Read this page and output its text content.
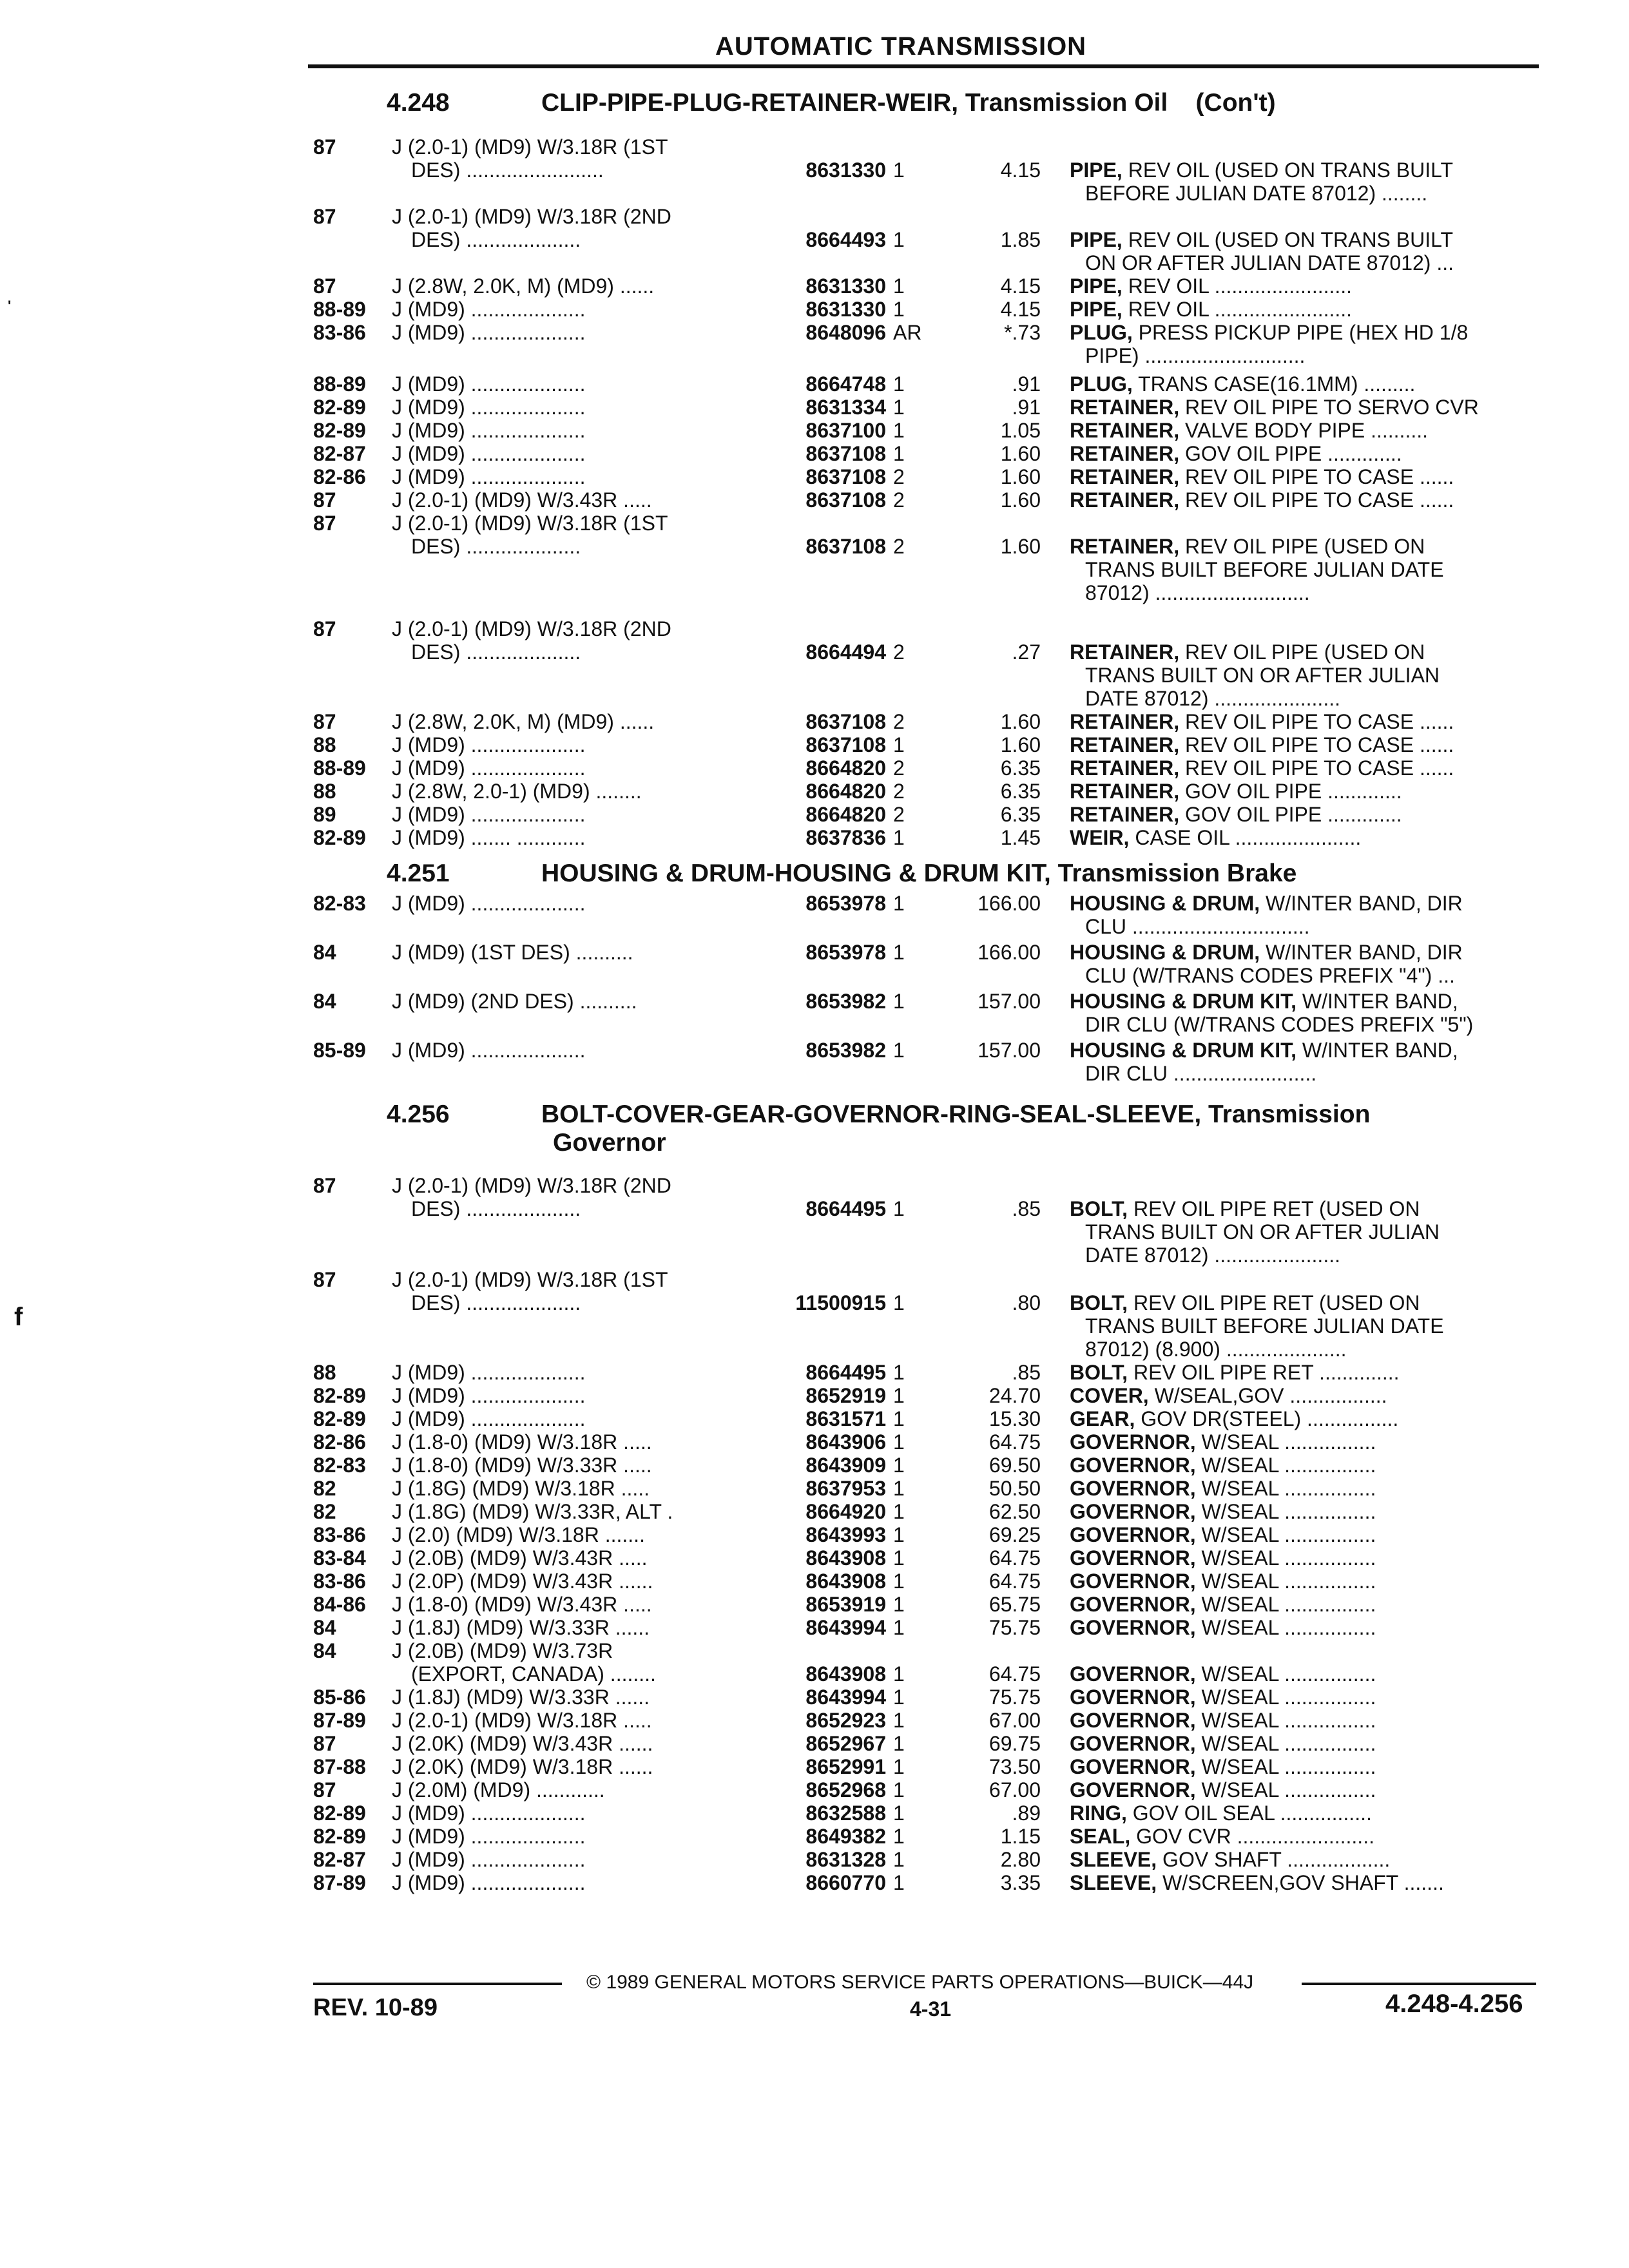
AUTOMATIC TRANSMISSION
4.248	CLIP-PIPE-PLUG-RETAINER-WEIR, Transmission Oil (Con't)
4.251	HOUSING & DRUM-HOUSING & DRUM KIT, Transmission Brake
4.256	BOLT-COVER-GEAR-GOVERNOR-RING-SEAL-SLEEVE, Transmission
Governor
87	J (2.0-1) (MD9) W/3.18R (1ST
DES) ........................	8631330 1	4.15 PIPE, REV OIL (USED ON TRANS BUILT
BEFORE JULIAN DATE 87012) ........
87	J (2.0-1) (MD9) W/3.18R (2ND
DES) ....................	8664493 1	1.85 PIPE, REV OIL (USED ON TRANS BUILT
ON OR AFTER JULIAN DATE 87012) ...
87	J (2.8W, 2.0K, M) (MD9) ......	8631330 1	4.15 PIPE, REV OIL ........................
88-89 J (MD9) ....................	8631330 1	4.15 PIPE, REV OIL ........................
83-86 J (MD9) ....................	8648096 AR	*.73 PLUG, PRESS PICKUP PIPE (HEX HD 1/8
PIPE) ............................
88-89 J (MD9) ....................	8664748 1	.91 PLUG, TRANS CASE(16.1MM) .........
82-89 J (MD9) ....................	8631334 1	.91 RETAINER, REV OIL PIPE TO SERVO CVR
82-89 J (MD9) ....................	8637100 1	1.05 RETAINER, VALVE BODY PIPE ..........
82-87 J (MD9) ....................	8637108 1	1.60 RETAINER, GOV OIL PIPE .............
82-86 J (MD9) ....................	8637108 2	1.60 RETAINER, REV OIL PIPE TO CASE ......
87	J (2.0-1) (MD9) W/3.43R .....	8637108 2	1.60 RETAINER, REV OIL PIPE TO CASE ......
87	J (2.0-1) (MD9) W/3.18R (1ST
DES) ....................	8637108 2	1.60 RETAINER, REV OIL PIPE (USED ON
TRANS BUILT BEFORE JULIAN DATE
87012) ...........................
87	J (2.0-1) (MD9) W/3.18R (2ND
DES) ....................	8664494 2	.27 RETAINER, REV OIL PIPE (USED ON
TRANS BUILT ON OR AFTER JULIAN
DATE 87012) ......................
87	J (2.8W, 2.0K, M) (MD9) ......	8637108 2	1.60 RETAINER, REV OIL PIPE TO CASE ......
88	J (MD9) ....................	8637108 1	1.60 RETAINER, REV OIL PIPE TO CASE ......
88-89 J (MD9) ....................	8664820 2	6.35 RETAINER, REV OIL PIPE TO CASE ......
88	J (2.8W, 2.0-1) (MD9) ........	8664820 2	6.35 RETAINER, GOV OIL PIPE .............
89	J (MD9) ....................	8664820 2	6.35 RETAINER, GOV OIL PIPE .............
82-89 J (MD9) ....... ............	8637836 1	1.45 WEIR, CASE OIL ......................
82-83 J (MD9) ....................	8653978 1	166.00 HOUSING & DRUM, W/INTER BAND, DIR
CLU ...............................
84	J (MD9) (1ST DES) ..........	8653978 1	166.00 HOUSING & DRUM, W/INTER BAND, DIR
CLU (W/TRANS CODES PREFIX "4") ...
84	J (MD9) (2ND DES) ..........	8653982 1	157.00 HOUSING & DRUM KIT, W/INTER BAND,
DIR CLU (W/TRANS CODES PREFIX "5")
85-89 J (MD9) ....................	8653982 1	157.00 HOUSING & DRUM KIT, W/INTER BAND,
DIR CLU .........................
87	J (2.0-1) (MD9) W/3.18R (2ND
DES) ....................	8664495 1	.85 BOLT, REV OIL PIPE RET (USED ON
TRANS BUILT ON OR AFTER JULIAN
DATE 87012) ......................
87	J (2.0-1) (MD9) W/3.18R (1ST
DES) ....................	11500915 1	.80 BOLT, REV OIL PIPE RET (USED ON
TRANS BUILT BEFORE JULIAN DATE
87012) (8.900) .....................
88	J (MD9) ....................	8664495 1	.85 BOLT, REV OIL PIPE RET ..............
82-89 J (MD9) ....................	8652919 1	24.70 COVER, W/SEAL,GOV .................
82-89 J (MD9) ....................	8631571 1	15.30 GEAR, GOV DR(STEEL) ................
82-86 J (1.8-0) (MD9) W/3.18R .....	8643906 1	64.75 GOVERNOR, W/SEAL ................
82-83 J (1.8-0) (MD9) W/3.33R .....	8643909 1	69.50 GOVERNOR, W/SEAL ................
82	J (1.8G) (MD9) W/3.18R .....	8637953 1	50.50 GOVERNOR, W/SEAL ................
82	J (1.8G) (MD9) W/3.33R, ALT .	8664920 1	62.50 GOVERNOR, W/SEAL ................
83-86 J (2.0) (MD9) W/3.18R .......	8643993 1	69.25 GOVERNOR, W/SEAL ................
83-84 J (2.0B) (MD9) W/3.43R .....	8643908 1	64.75 GOVERNOR, W/SEAL ................
83-86 J (2.0P) (MD9) W/3.43R ......	8643908 1	64.75 GOVERNOR, W/SEAL ................
84-86 J (1.8-0) (MD9) W/3.43R .....	8653919 1	65.75 GOVERNOR, W/SEAL ................
84	J (1.8J) (MD9) W/3.33R ......	8643994 1	75.75 GOVERNOR, W/SEAL ................
84	J (2.0B) (MD9) W/3.73R
(EXPORT, CANADA) ........	8643908 1	64.75 GOVERNOR, W/SEAL ................
85-86 J (1.8J) (MD9) W/3.33R ......	8643994 1	75.75 GOVERNOR, W/SEAL ................
87-89 J (2.0-1) (MD9) W/3.18R .....	8652923 1	67.00 GOVERNOR, W/SEAL ................
87	J (2.0K) (MD9) W/3.43R ......	8652967 1	69.75 GOVERNOR, W/SEAL ................
87-88 J (2.0K) (MD9) W/3.18R ......	8652991 1	73.50 GOVERNOR, W/SEAL ................
87	J (2.0M) (MD9) ............	8652968 1	67.00 GOVERNOR, W/SEAL ................
82-89 J (MD9) ....................	8632588 1	.89 RING, GOV OIL SEAL ................
82-89 J (MD9) ....................	8649382 1	1.15 SEAL, GOV CVR ........................
82-87 J (MD9) ....................	8631328 1	2.80 SLEEVE, GOV SHAFT ..................
87-89 J (MD9) ....................	8660770 1	3.35 SLEEVE, W/SCREEN,GOV SHAFT .......
'
f
© 1989 GENERAL MOTORS SERVICE PARTS OPERATIONS—BUICK—44J
REV. 10-89	4-31	4.248-4.256
